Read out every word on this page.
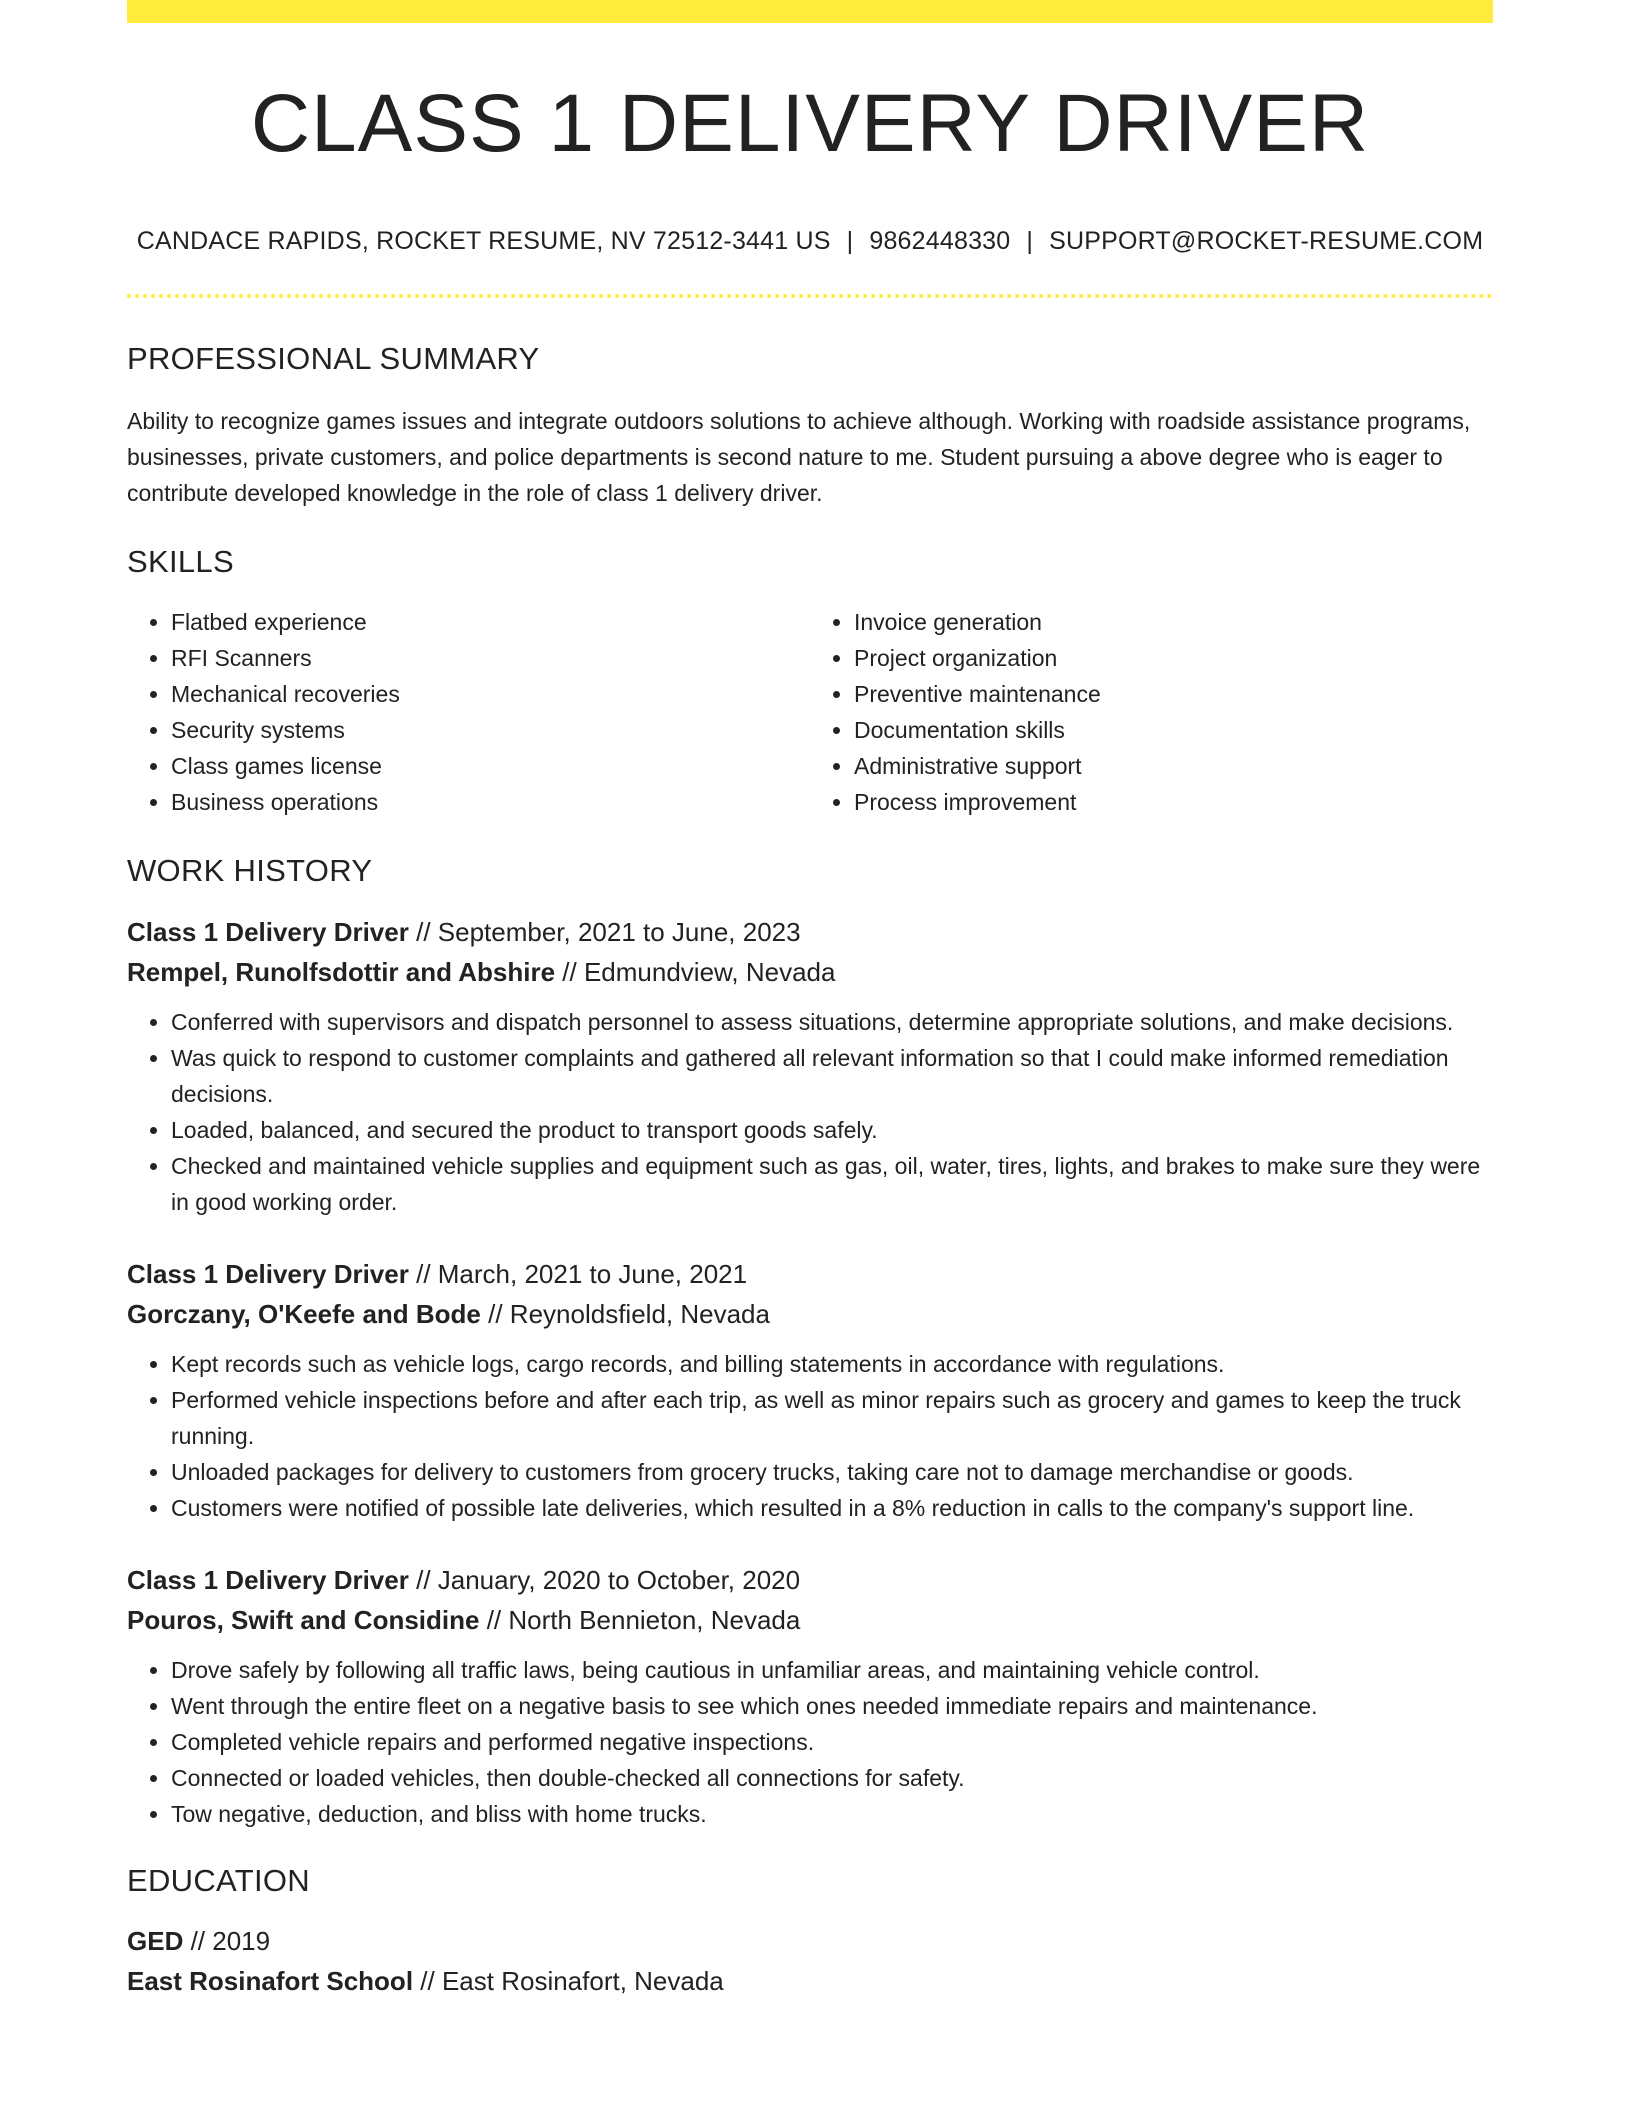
CLASS 1 DELIVERY DRIVER
CANDACE RAPIDS, ROCKET RESUME, NV 72512-3441 US | 9862448330 | SUPPORT@ROCKET-RESUME.COM
PROFESSIONAL SUMMARY

Ability to recognize games issues and integrate outdoors solutions to achieve although. Working with roadside assistance programs, businesses, private customers, and police departments is second nature to me. Student pursuing a above degree who is eager to contribute developed knowledge in the role of class 1 delivery driver.

SKILLS
• Flatbed experience
• RFI Scanners
• Mechanical recoveries
• Security systems
• Class games license
• Business operations
• Invoice generation
• Project organization
• Preventive maintenance
• Documentation skills
• Administrative support
• Process improvement
WORK HISTORY
Class 1 Delivery Driver // September, 2021 to June, 2023
Rempel, Runolfsdottir and Abshire // Edmundview, Nevada
• Conferred with supervisors and dispatch personnel to assess situations, determine appropriate solutions, and make decisions.
• Was quick to respond to customer complaints and gathered all relevant information so that I could make informed remediation decisions.
• Loaded, balanced, and secured the product to transport goods safely.
• Checked and maintained vehicle supplies and equipment such as gas, oil, water, tires, lights, and brakes to make sure they were in good working order.
Class 1 Delivery Driver // March, 2021 to June, 2021
Gorczany, O'Keefe and Bode // Reynoldsfield, Nevada
• Kept records such as vehicle logs, cargo records, and billing statements in accordance with regulations.
• Performed vehicle inspections before and after each trip, as well as minor repairs such as grocery and games to keep the truck running.
• Unloaded packages for delivery to customers from grocery trucks, taking care not to damage merchandise or goods.
• Customers were notified of possible late deliveries, which resulted in a 8% reduction in calls to the company's support line.
Class 1 Delivery Driver // January, 2020 to October, 2020
Pouros, Swift and Considine // North Bennieton, Nevada
• Drove safely by following all traffic laws, being cautious in unfamiliar areas, and maintaining vehicle control.
• Went through the entire fleet on a negative basis to see which ones needed immediate repairs and maintenance.
• Completed vehicle repairs and performed negative inspections.
• Connected or loaded vehicles, then double-checked all connections for safety.
• Tow negative, deduction, and bliss with home trucks.
EDUCATION
GED // 2019
East Rosinafort School // East Rosinafort, Nevada
